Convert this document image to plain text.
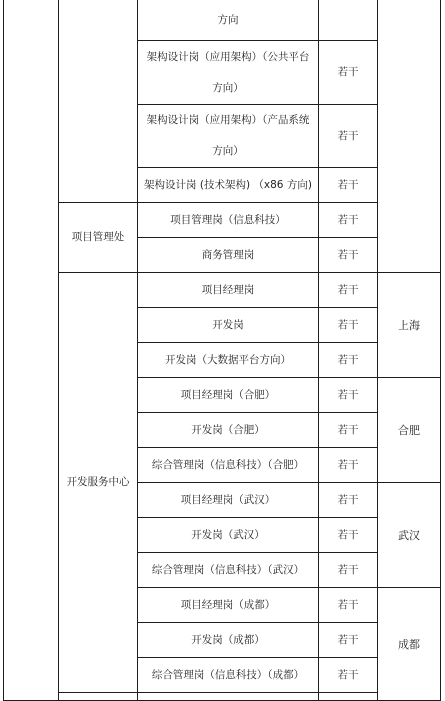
		方向		

		架构设计岗（应用架构）（公共平台方向）	若干	

		架构设计岗（应用架构）（产品系统方向）	若干	
		架构设计岗 (技术架构) （x86 方向)	若干	
	项目管理处	项目管理岗（信息科技）	若干	
		商务管理岗	若干	
	开发服务中心	项目经理岗	若干	上海
		开发岗	若干	
		开发岗（大数据平台方向）	若干	
		项目经理岗（合肥）	若干	合肥
		开发岗（合肥）	若干	
		综合管理岗（信息科技）（合肥）	若干	
		项目经理岗（武汉）	若干	武汉
		开发岗（武汉）	若干	
		综合管理岗（信息科技）（武汉）	若干	
		项目经理岗（成都）	若干	成都
		开发岗（成都）	若干	
		综合管理岗（信息科技）（成都）	若干	
